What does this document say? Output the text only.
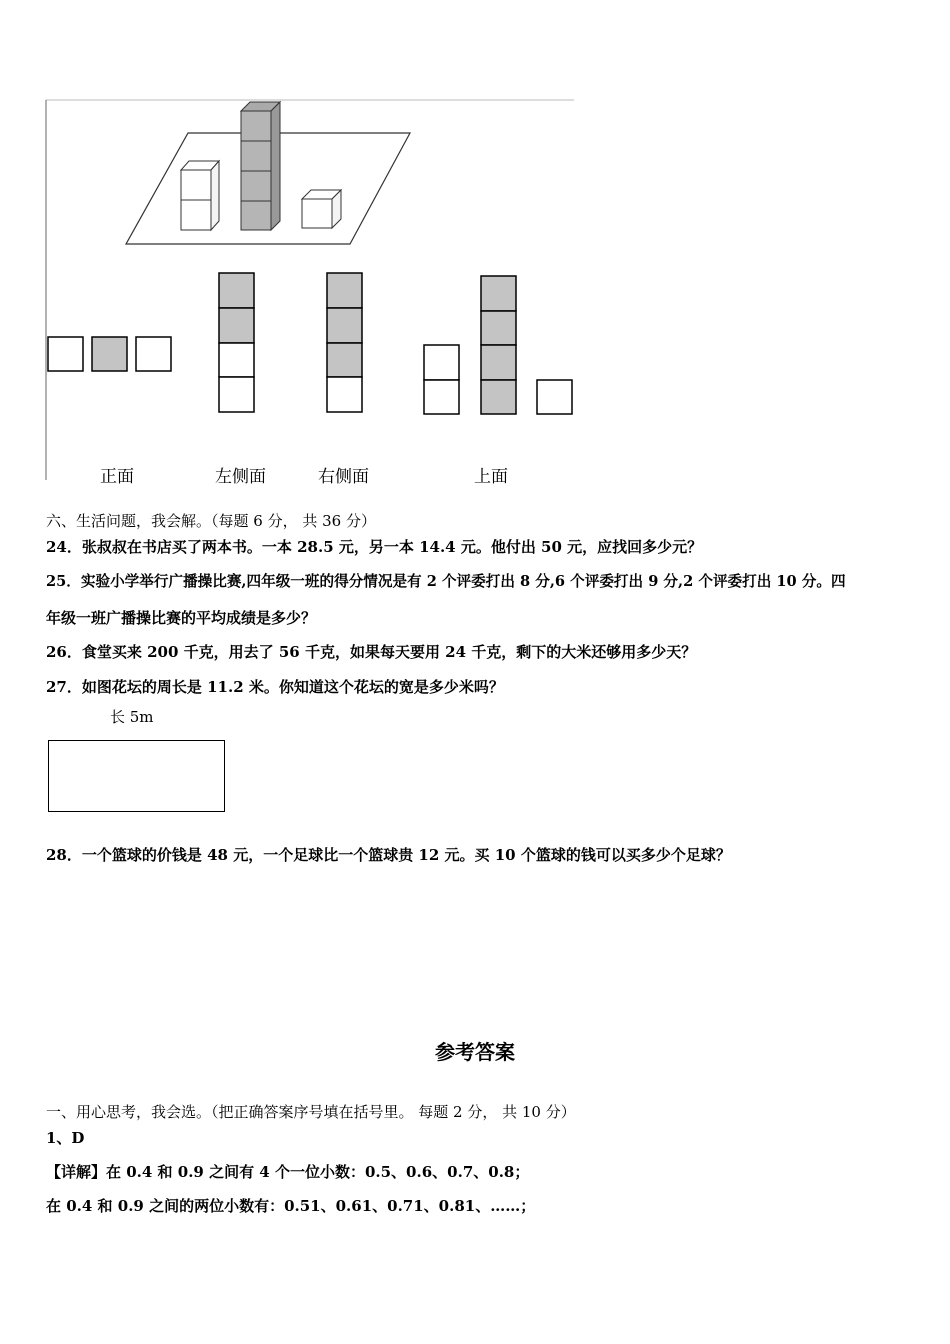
正面	左侧面	右侧面	上面
六、生活问题，我会解。（每题 6 分， 共 36 分）
24．张叔叔在书店买了两本书。一本 28.5 元，另一本 14.4 元。他付出 50 元，应找回多少元？
25．实验小学举行广播操比赛,四年级一班的得分情况是有 2 个评委打出 8 分,6 个评委打出 9 分,2 个评委打出 10 分。四
年级一班广播操比赛的平均成绩是多少？
26．食堂买来 200 千克，用去了 56 千克，如果每天要用 24 千克，剩下的大米还够用多少天？
27．如图花坛的周长是 11.2 米。你知道这个花坛的宽是多少米吗？
长 5m
28．一个篮球的价钱是 48 元，一个足球比一个篮球贵 12 元。买 10 个篮球的钱可以买多少个足球？
参考答案
一、用心思考，我会选。（把正确答案序号填在括号里。 每题 2 分， 共 10 分）
1、D
【详解】在 0.4 和 0.9 之间有 4 个一位小数：0.5、0.6、0.7、0.8；
在 0.4 和 0.9 之间的两位小数有：0.51、0.61、0.71、0.81、……；
